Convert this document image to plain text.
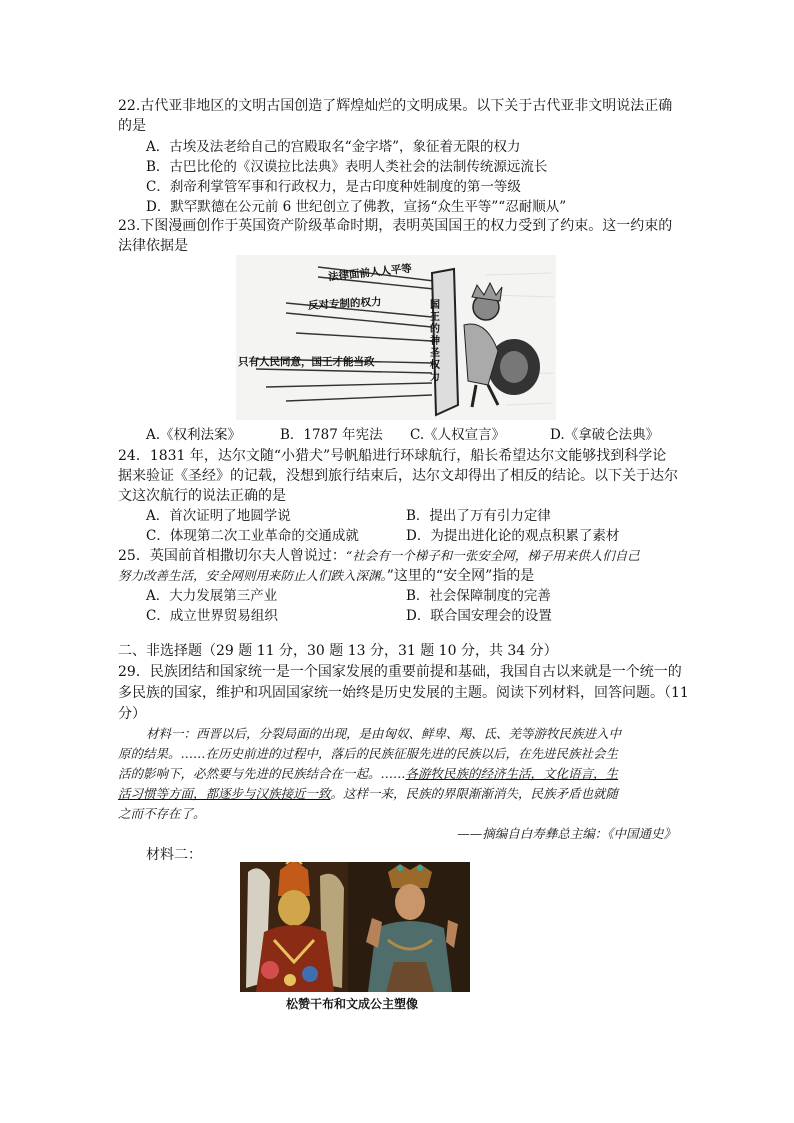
22.古代亚非地区的文明古国创造了辉煌灿烂的文明成果。以下关于古代亚非文明说法正确
的是
A．古埃及法老给自己的宫殿取名“金字塔”，象征着无限的权力
B．古巴比伦的《汉谟拉比法典》表明人类社会的法制传统源远流长
C．刹帝利掌管军事和行政权力，是古印度种姓制度的第一等级
D．默罕默德在公元前 6 世纪创立了佛教，宣扬“众生平等”“忍耐顺从”
23.下图漫画创作于英国资产阶级革命时期，表明英国国王的权力受到了约束。这一约束的
法律依据是
法律面前人人平等
反对专制的权力
只有人民同意，国王才能当政
国王的神圣权力
A.《权利法案》	B．1787 年宪法 C.《人权宣言》	D.《拿破仑法典》
24．1831 年，达尔文随“小猎犬”号帆船进行环球航行，船长希望达尔文能够找到科学论
据来验证《圣经》的记载，没想到旅行结束后，达尔文却得出了相反的结论。以下关于达尔
文这次航行的说法正确的是
A．首次证明了地圆学说	B．提出了万有引力定律
C．体现第二次工业革命的交通成就	D．为提出进化论的观点积累了素材
25．英国前首相撒切尔夫人曾说过：“社会有一个梯子和一张安全网，梯子用来供人们自己
努力改善生活，安全网则用来防止人们跌入深渊。”这里的“安全网”指的是
A．大力发展第三产业	B．社会保障制度的完善
C．成立世界贸易组织	D．联合国安理会的设置
二、非选择题（29 题 11 分，30 题 13 分，31 题 10 分，共 34 分）
29．民族团结和国家统一是一个国家发展的重要前提和基础，我国自古以来就是一个统一的
多民族的国家，维护和巩固国家统一始终是历史发展的主题。阅读下列材料，回答问题。（11
分）
材料一：西晋以后，分裂局面的出现，是由匈奴、鲜卑、羯、氐、羌等游牧民族进入中
原的结果。……在历史前进的过程中，落后的民族征服先进的民族以后，在先进民族社会生
活的影响下，必然要与先进的民族结合在一起。……各游牧民族的经济生活，文化语言，生
活习惯等方面，都逐步与汉族接近一致。这样一来，民族的界限渐渐消失，民族矛盾也就随
之而不存在了。
——摘编自白寿彝总主编：《中国通史》
材料二：
松赞干布和文成公主塑像
